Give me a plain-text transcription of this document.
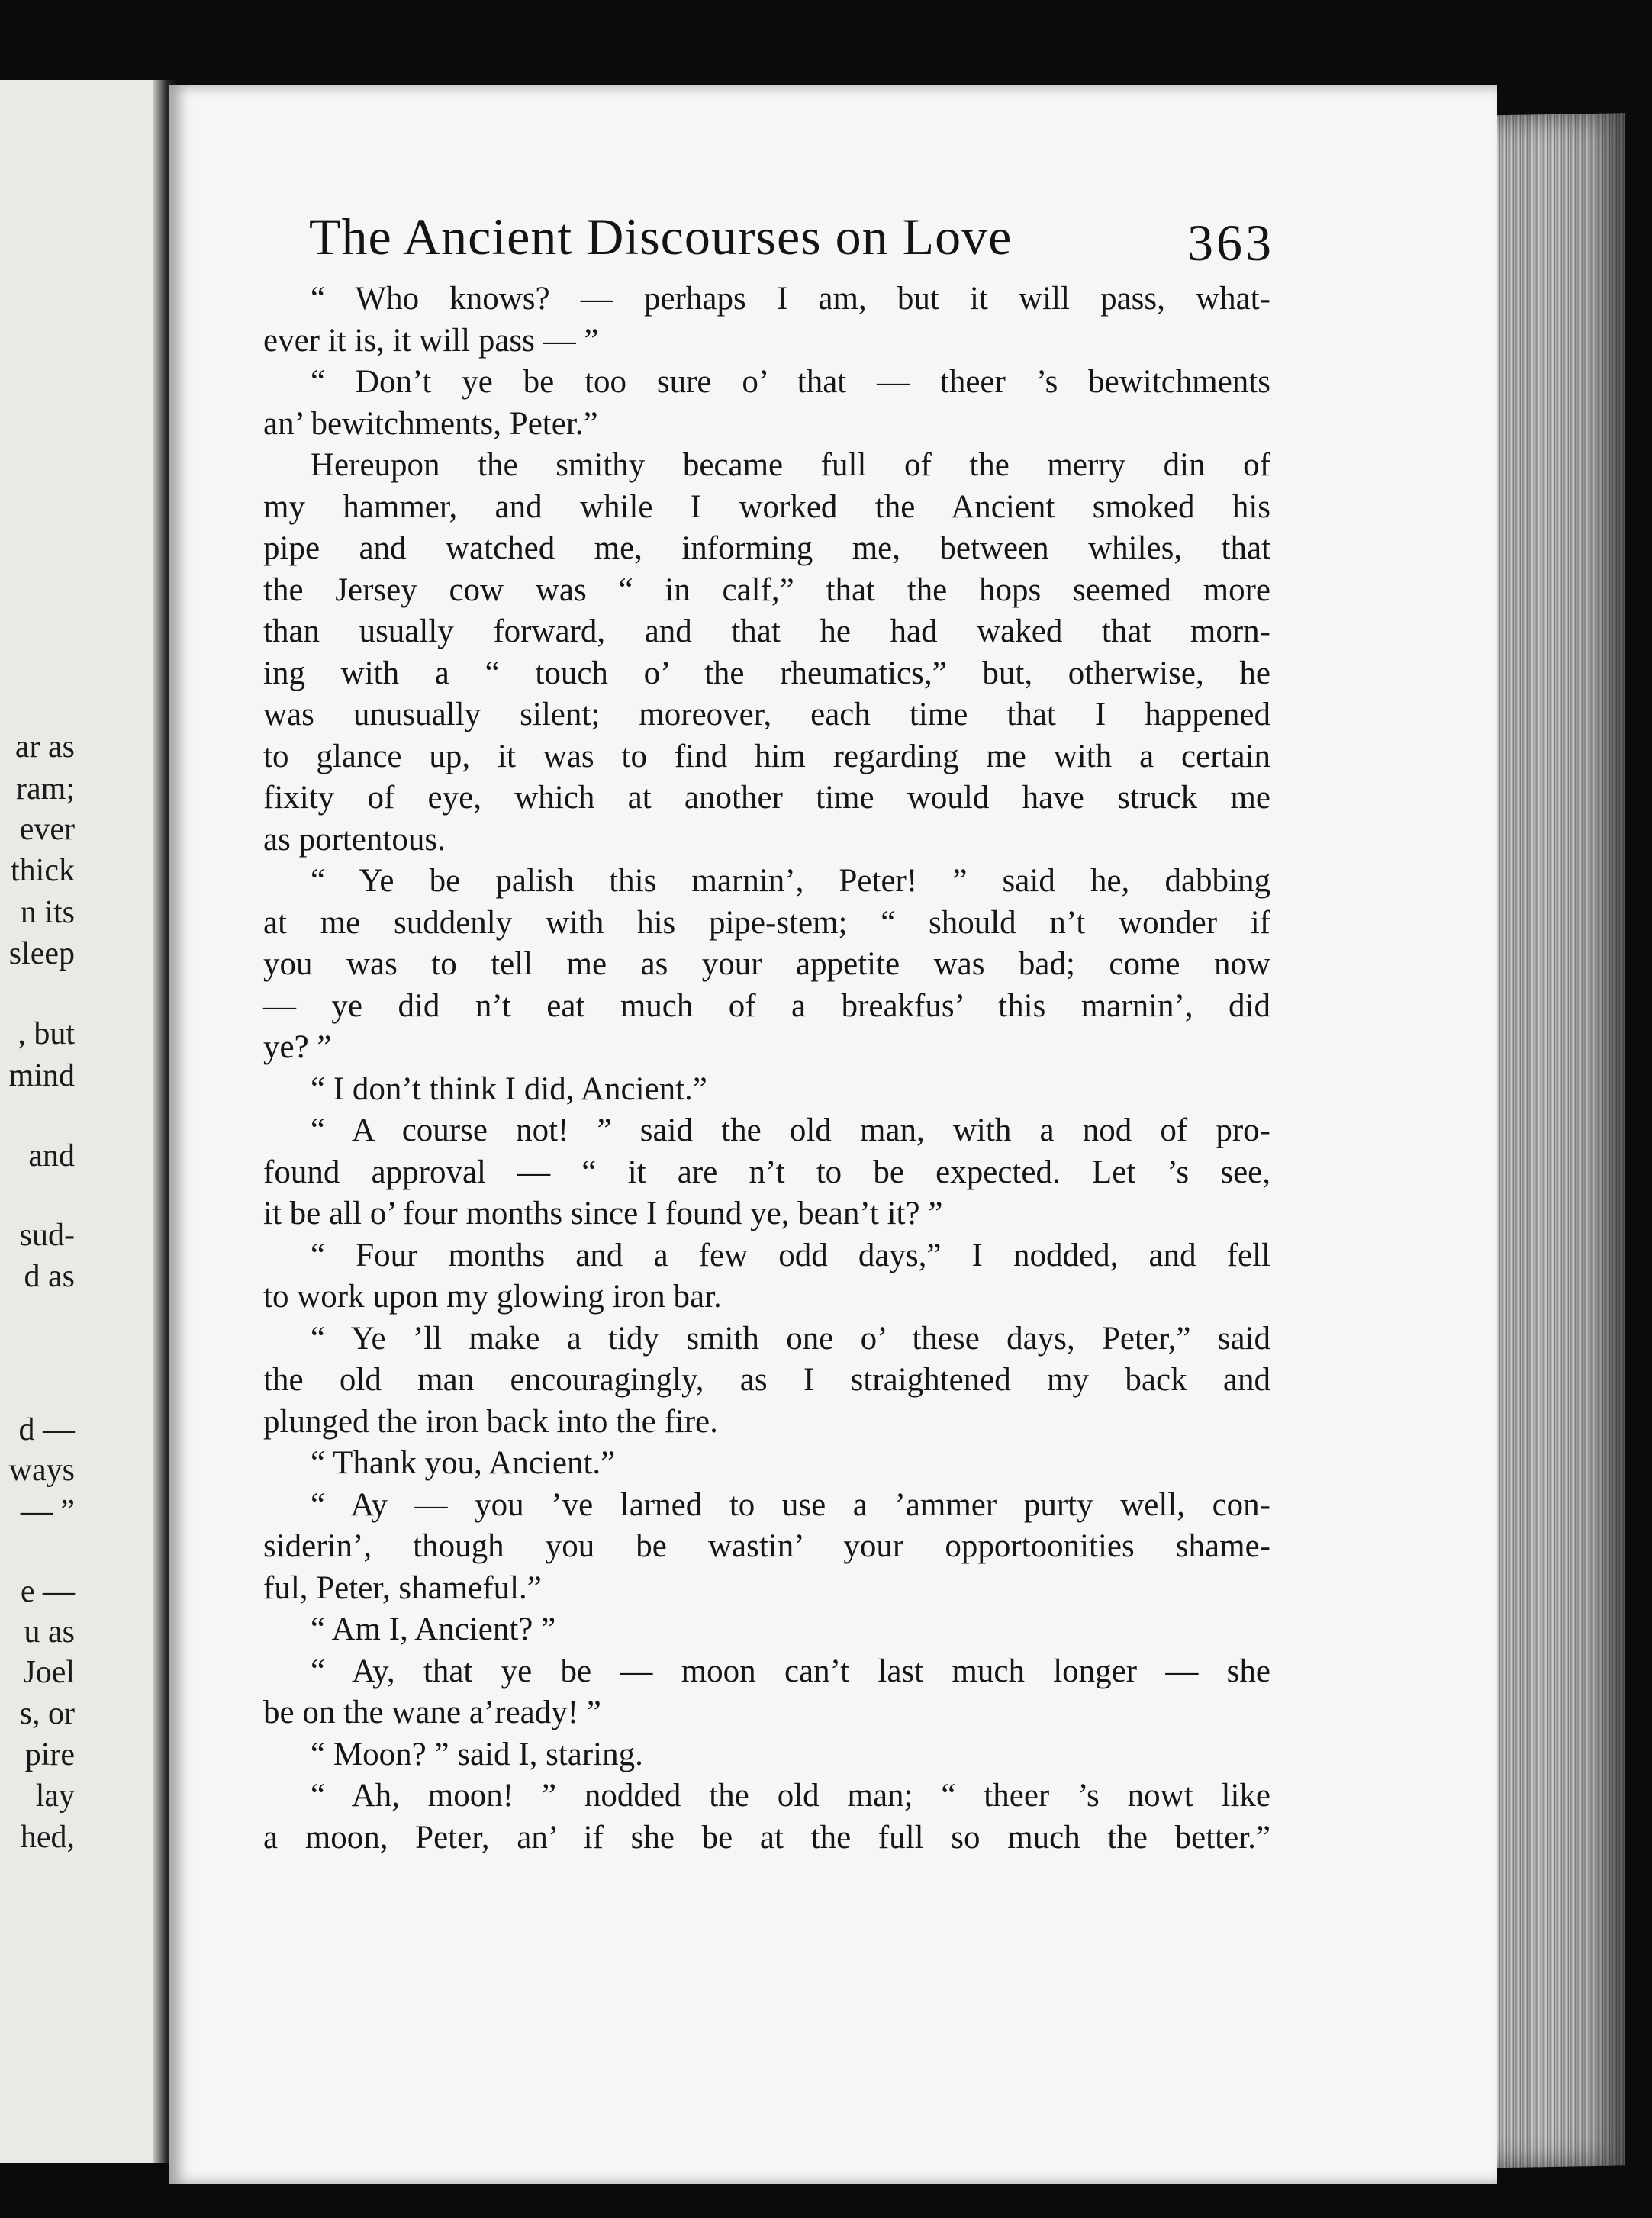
ar as
ram;
ever
thick
n its
sleep
, but
mind
and
sud-
d as
d —
ways
— ”
e —
u as
Joel
s, or
pire
lay
hed,
The Ancient Discourses on Love	363
“ Who knows? — perhaps I am, but it will pass, what-
ever it is, it will pass — ”
“ Don’t ye be too sure o’ that — theer ’s bewitchments
an’ bewitchments, Peter.”
Hereupon the smithy became full of the merry din of
my hammer, and while I worked the Ancient smoked his
pipe and watched me, informing me, between whiles, that
the Jersey cow was “ in calf,” that the hops seemed more
than usually forward, and that he had waked that morn-
ing with a “ touch o’ the rheumatics,” but, otherwise, he
was unusually silent; moreover, each time that I happened
to glance up, it was to find him regarding me with a certain
fixity of eye, which at another time would have struck me
as portentous.
“ Ye be palish this marnin’, Peter! ” said he, dabbing
at me suddenly with his pipe-stem; “ should n’t wonder if
you was to tell me as your appetite was bad; come now
— ye did n’t eat much of a breakfus’ this marnin’, did
ye? ”
“ I don’t think I did, Ancient.”
“ A course not! ” said the old man, with a nod of pro-
found approval — “ it are n’t to be expected. Let ’s see,
it be all o’ four months since I found ye, bean’t it? ”
“ Four months and a few odd days,” I nodded, and fell
to work upon my glowing iron bar.
“ Ye ’ll make a tidy smith one o’ these days, Peter,” said
the old man encouragingly, as I straightened my back and
plunged the iron back into the fire.
“ Thank you, Ancient.”
“ Ay — you ’ve larned to use a ’ammer purty well, con-
siderin’, though you be wastin’ your opportoonities shame-
ful, Peter, shameful.”
“ Am I, Ancient? ”
“ Ay, that ye be — moon can’t last much longer — she
be on the wane a’ready! ”
“ Moon? ” said I, staring.
“ Ah, moon! ” nodded the old man; “ theer ’s nowt like
a moon, Peter, an’ if she be at the full so much the better.”
